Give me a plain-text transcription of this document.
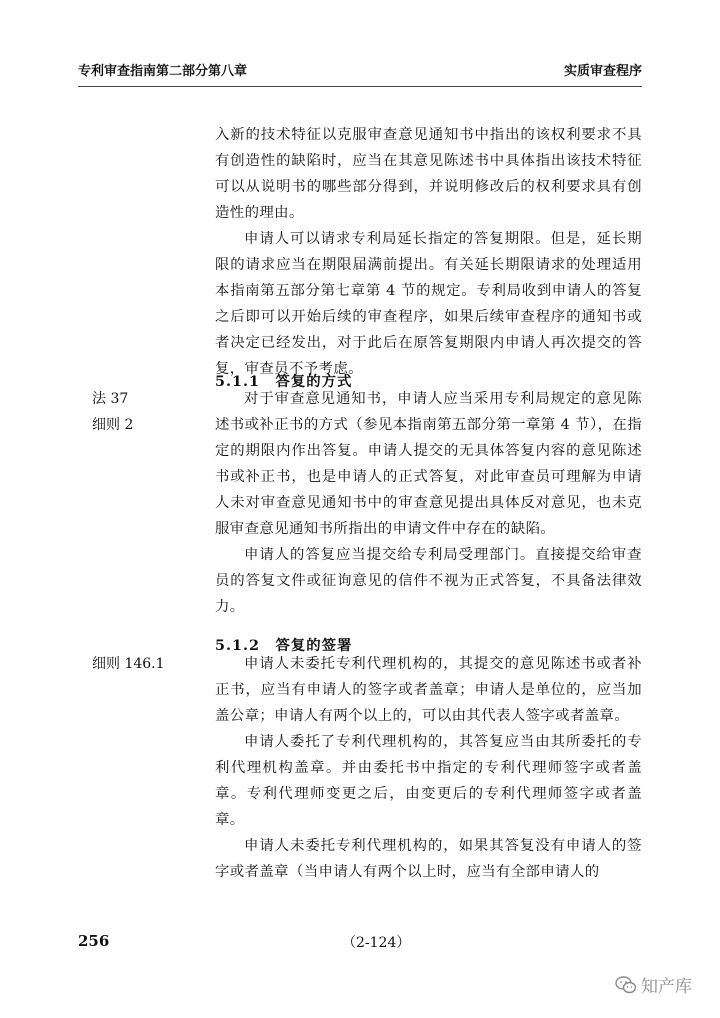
专利审查指南第二部分第八章	实质审查程序

入新的技术特征以克服审查意见通知书中指出的该权利要求不具有创造性的缺陷时，应当在其意见陈述书中具体指出该技术特征可以从说明书的哪些部分得到，并说明修改后的权利要求具有创造性的理由。

申请人可以请求专利局延长指定的答复期限。但是，延长期限的请求应当在期限届满前提出。有关延长期限请求的处理适用本指南第五部分第七章第 4 节的规定。专利局收到申请人的答复之后即可以开始后续的审查程序，如果后续审查程序的通知书或者决定已经发出，对于此后在原答复期限内申请人再次提交的答复，审查员不予考虑。

5.1.1　答复的方式

对于审查意见通知书，申请人应当采用专利局规定的意见陈述书或补正书的方式（参见本指南第五部分第一章第 4 节），在指定的期限内作出答复。申请人提交的无具体答复内容的意见陈述书或补正书，也是申请人的正式答复，对此审查员可理解为申请人未对审查意见通知书中的审查意见提出具体反对意见，也未克服审查意见通知书所指出的申请文件中存在的缺陷。

申请人的答复应当提交给专利局受理部门。直接提交给审查员的答复文件或征询意见的信件不视为正式答复，不具备法律效力。

法 37
细则 2

5.1.2　答复的签署

申请人未委托专利代理机构的，其提交的意见陈述书或者补正书，应当有申请人的签字或者盖章；申请人是单位的，应当加盖公章；申请人有两个以上的，可以由其代表人签字或者盖章。

申请人委托了专利代理机构的，其答复应当由其所委托的专利代理机构盖章。并由委托书中指定的专利代理师签字或者盖章。专利代理师变更之后，由变更后的专利代理师签字或者盖章。

申请人未委托专利代理机构的，如果其答复没有申请人的签字或者盖章（当申请人有两个以上时，应当有全部申请人的

细则 146.1
256	（2-124）
知产库
